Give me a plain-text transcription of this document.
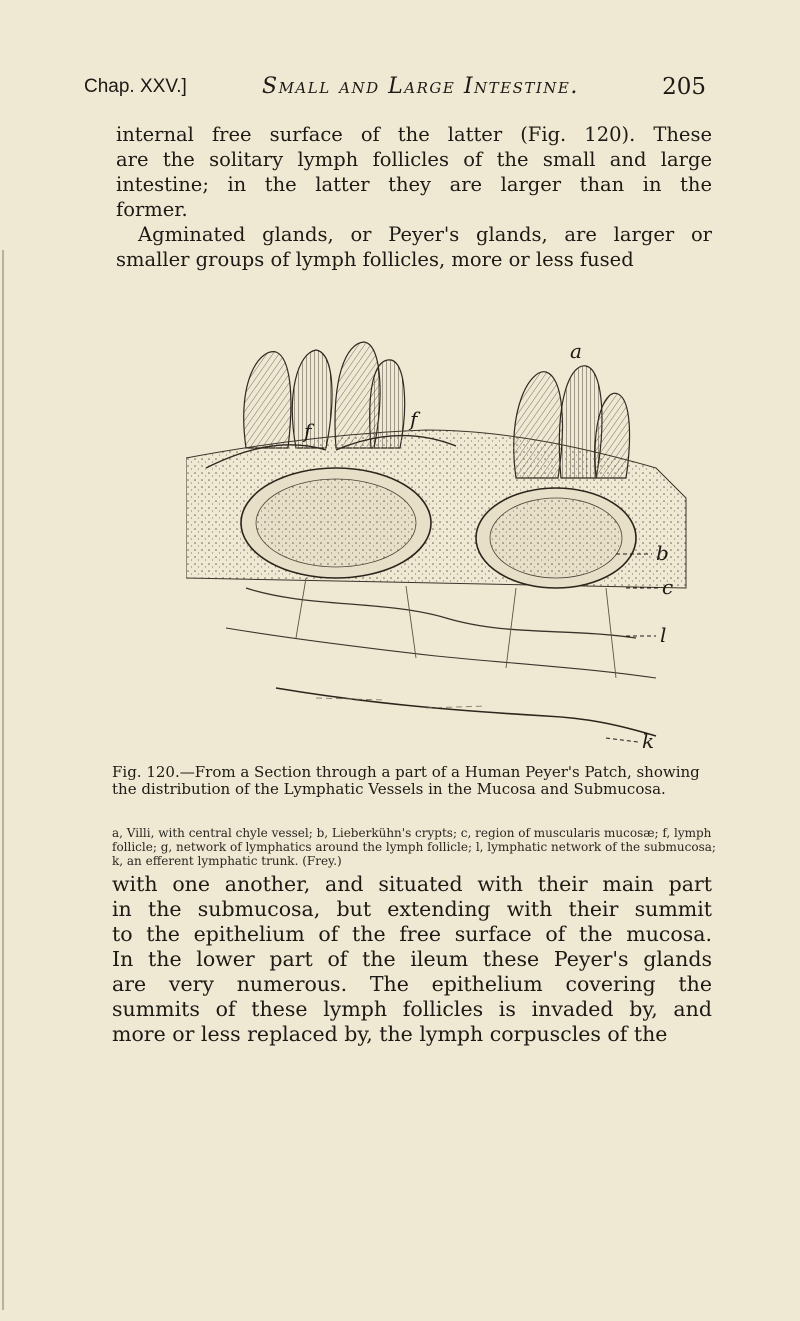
Chap. XXV.]	Small and Large Intestine.	205
internal free surface of the latter (Fig. 120). These
are the solitary lymph follicles of the small and large
intestine; in the latter they are larger than in the
former.
Agminated glands, or Peyer's glands, are larger or
smaller groups of lymph follicles, more or less fused
a
f	f
b
c
l
k
Fig. 120.—From a Section through a part of a Human Peyer's Patch, showing the distribution of the Lymphatic Vessels in the Mucosa and Submucosa.
a, Villi, with central chyle vessel; b, Lieberkühn's crypts; c, region of muscularis mucosæ; f, lymph follicle; g, network of lymphatics around the lymph follicle; l, lymphatic network of the submucosa; k, an efferent lymphatic trunk. (Frey.)
with one another, and situated with their main part
in the submucosa, but extending with their summit
to the epithelium of the free surface of the mucosa.
In the lower part of the ileum these Peyer's glands
are very numerous. The epithelium covering the
summits of these lymph follicles is invaded by, and
more or less replaced by, the lymph corpuscles of the
